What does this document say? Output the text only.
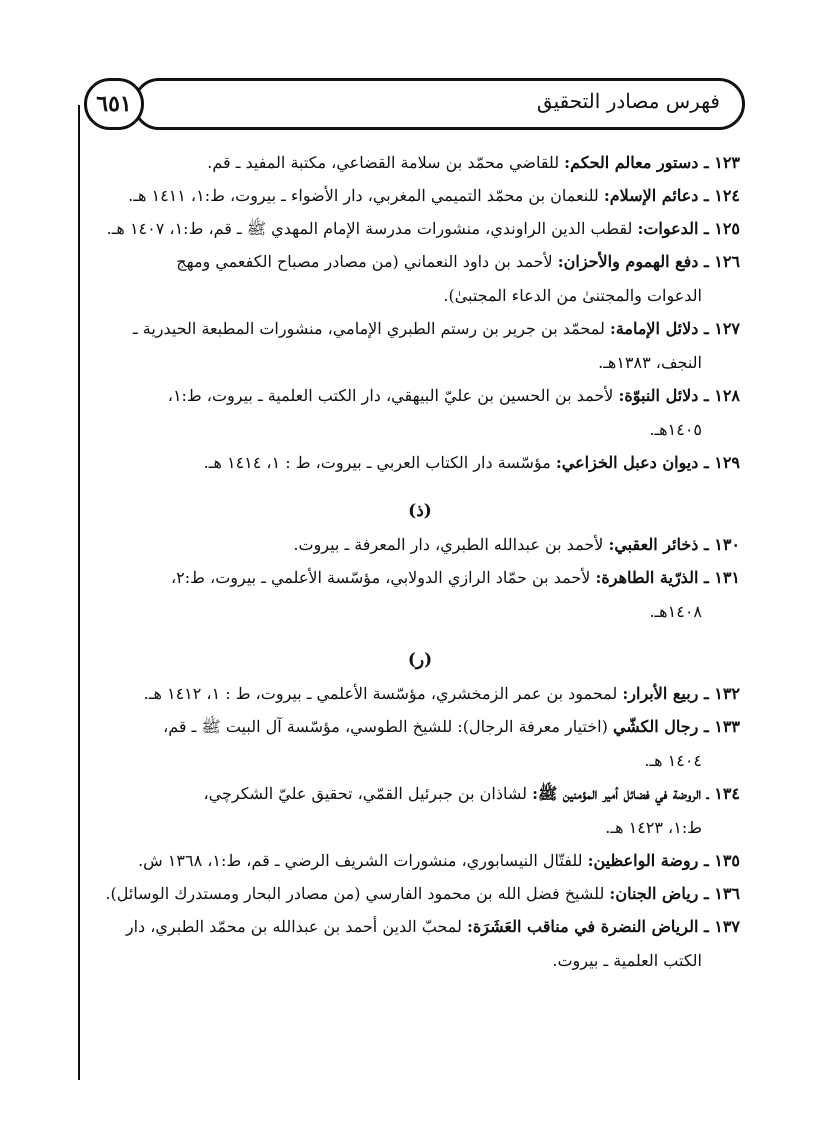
فهرس مصادر التحقيق
٦٥١
١٢٣ ـ دستور معالم الحكم: للقاضي محمّد بن سلامة القضاعي، مكتبة المفيد ـ قم.
١٢٤ ـ دعائم الإسلام: للنعمان بن محمّد التميمي المغربي، دار الأضواء ـ بيروت، ط:١، ١٤١١ هـ.
١٢٥ ـ الدعوات: لقطب الدين الراوندي، منشورات مدرسة الإمام المهدي ﷺ ـ قم، ط:١، ١٤٠٧ هـ.
١٢٦ ـ دفع الهموم والأحزان: لأحمد بن داود النعماني (من مصادر مصباح الكفعمي ومهج
الدعوات والمجتنىٰ من الدعاء المجتبىٰ).
١٢٧ ـ دلائل الإمامة: لمحمّد بن جرير بن رستم الطبري الإمامي، منشورات المطبعة الحيدرية ـ
النجف، ١٣٨٣هـ.
١٢٨ ـ دلائل النبوّة: لأحمد بن الحسين بن عليّ البيهقي، دار الكتب العلمية ـ بيروت، ط:١،
١٤٠٥هـ.
١٢٩ ـ ديوان دعبل الخزاعي: مؤسّسة دار الكتاب العربي ـ بيروت، ط : ١، ١٤١٤ هـ.
(ذ)
١٣٠ ـ ذخائر العقبي: لأحمد بن عبدالله الطبري، دار المعرفة ـ بيروت.
١٣١ ـ الذرّية الطاهرة: لأحمد بن حمّاد الرازي الدولابي، مؤسّسة الأعلمي ـ بيروت، ط:٢،
١٤٠٨هـ.
(ر)
١٣٢ ـ ربيع الأبرار: لمحمود بن عمر الزمخشري، مؤسّسة الأعلمي ـ بيروت، ط : ١، ١٤١٢ هـ.
١٣٣ ـ رجال الكشّي (اختيار معرفة الرجال): للشيخ الطوسي، مؤسّسة آل البيت ﷺ ـ قم،
١٤٠٤ هـ.
١٣٤ ـ الروضة في فضائل أمير المؤمنين ﷺ: لشاذان بن جبرئيل القمّي، تحقيق عليّ الشكرچي،
ط:١، ١٤٢٣ هـ.
١٣٥ ـ روضة الواعظين: للفتّال النيسابوري، منشورات الشريف الرضي ـ قم، ط:١، ١٣٦٨ ش.
١٣٦ ـ رياض الجنان: للشيخ فضل الله بن محمود الفارسي (من مصادر البحار ومستدرك الوسائل).
١٣٧ ـ الرياض النضرة في مناقب العَشَرَة: لمحبّ الدين أحمد بن عبدالله بن محمّد الطبري، دار
الكتب العلمية ـ بيروت.
